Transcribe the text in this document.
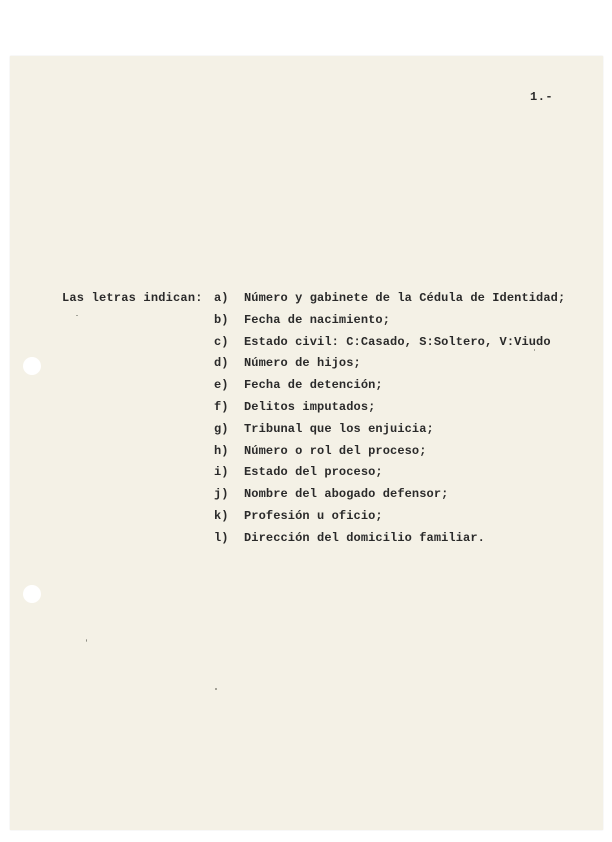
1.-
Las letras indican: a) Número y gabinete de la Cédula de Identidad;
b) Fecha de nacimiento;
c) Estado civil: C:Casado, S:Soltero, V:Viudo
d) Número de hijos;
e) Fecha de detención;
f) Delitos imputados;
g) Tribunal que los enjuicia;
h) Número o rol del proceso;
i) Estado del proceso;
j) Nombre del abogado defensor;
k) Profesión u oficio;
l) Dirección del domicilio familiar.
